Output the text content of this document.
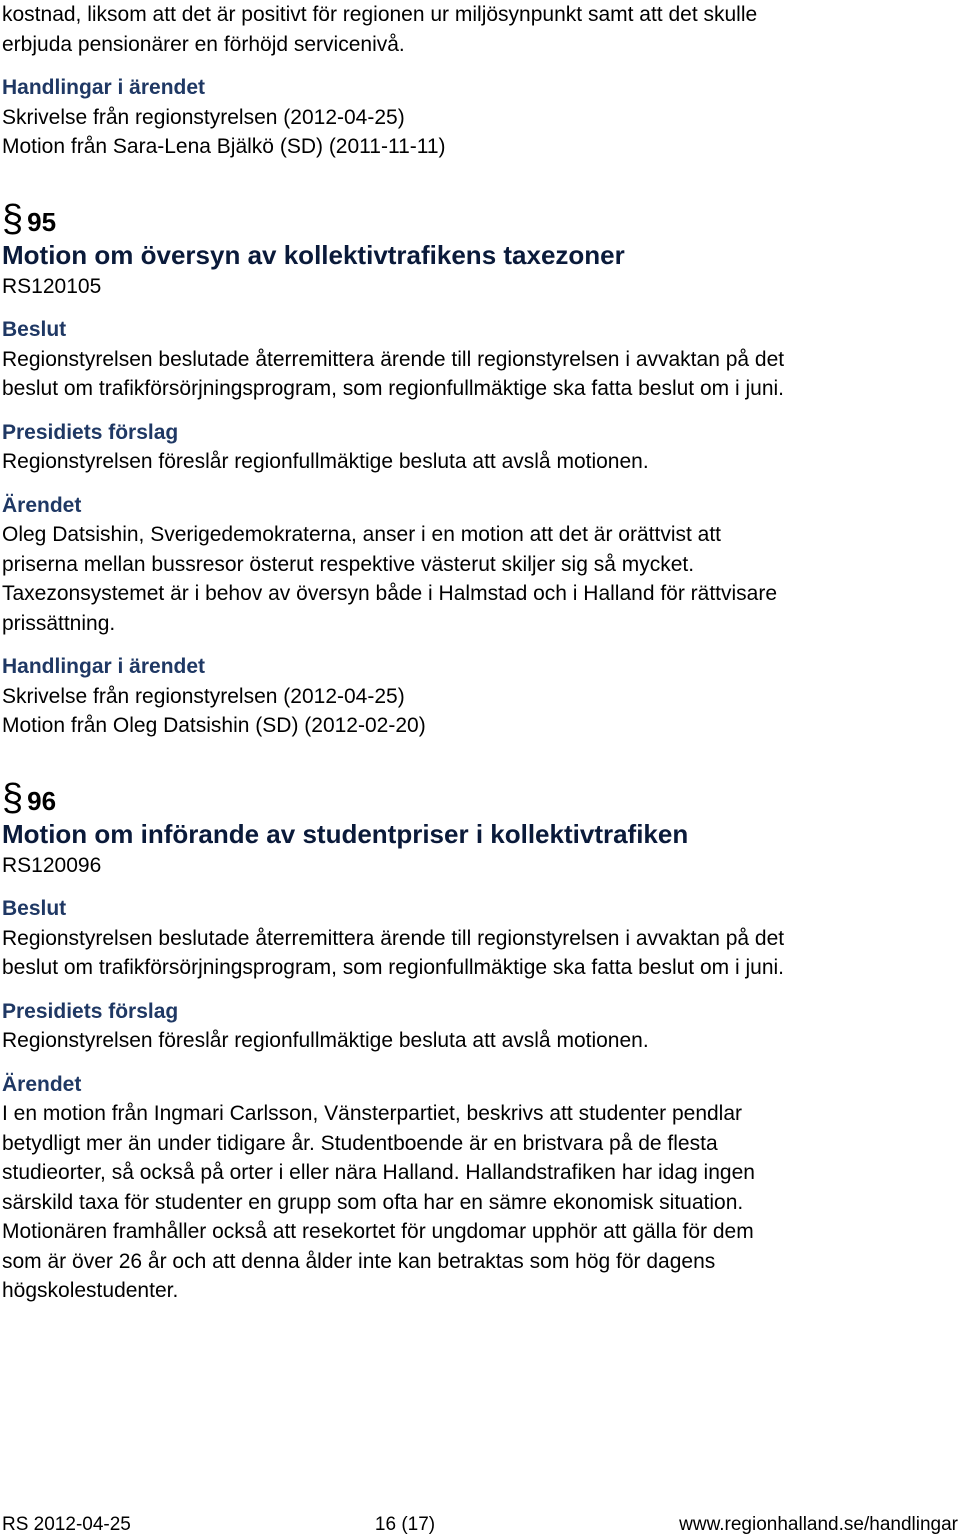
kostnad, liksom att det är positivt för regionen ur miljösynpunkt samt att det skulle

erbjuda pensionärer en förhöjd servicenivå.

Handlingar i ärendet

Skrivelse från regionstyrelsen (2012-04-25)

Motion från Sara-Lena Bjälkö (SD) (2011-11-11)

§ 95

Motion om översyn av kollektivtrafikens taxezoner

RS120105

Beslut

Regionstyrelsen beslutade återremittera ärende till regionstyrelsen i avvaktan på det

beslut om trafikförsörjningsprogram, som regionfullmäktige ska fatta beslut om i juni.

Presidiets förslag

Regionstyrelsen föreslår regionfullmäktige besluta att avslå motionen.

Ärendet

Oleg Datsishin, Sverigedemokraterna, anser i en motion att det är orättvist att

priserna mellan bussresor österut respektive västerut skiljer sig så mycket.

Taxezonsystemet är i behov av översyn både i Halmstad och i Halland för rättvisare

prissättning.

Handlingar i ärendet

Skrivelse från regionstyrelsen (2012-04-25)

Motion från Oleg Datsishin (SD) (2012-02-20)

§ 96

Motion om införande av studentpriser i kollektivtrafiken

RS120096

Beslut

Regionstyrelsen beslutade återremittera ärende till regionstyrelsen i avvaktan på det

beslut om trafikförsörjningsprogram, som regionfullmäktige ska fatta beslut om i juni.

Presidiets förslag

Regionstyrelsen föreslår regionfullmäktige besluta att avslå motionen.

Ärendet

I en motion från Ingmari Carlsson, Vänsterpartiet, beskrivs att studenter pendlar

betydligt mer än under tidigare år. Studentboende är en bristvara på de flesta

studieorter, så också på orter i eller nära Halland. Hallandstrafiken har idag ingen

särskild taxa för studenter en grupp som ofta har en sämre ekonomisk situation.

Motionären framhåller också att resekortet för ungdomar upphör att gälla för dem

som är över 26 år och att denna ålder inte kan betraktas som hög för dagens

högskolestudenter.

RS 2012-04-25	16 (17)	www.regionhalland.se/handlingar
